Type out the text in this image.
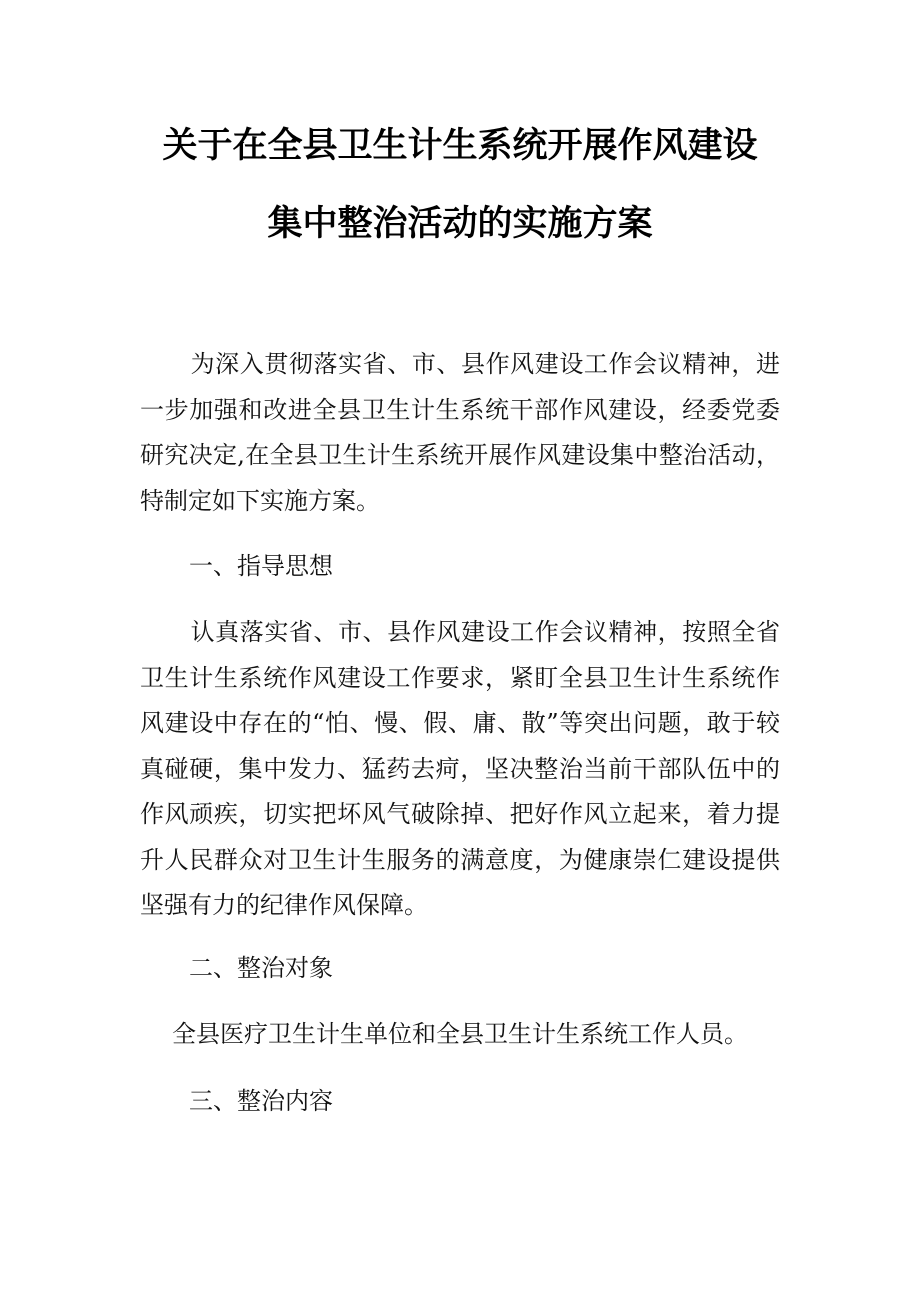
关于在全县卫生计生系统开展作风建设
集中整治活动的实施方案

为深入贯彻落实省、市、县作风建设工作会议精神，进一步加强和改进全县卫生计生系统干部作风建设，经委党委研究决定,在全县卫生计生系统开展作风建设集中整治活动，特制定如下实施方案。

一、指导思想

认真落实省、市、县作风建设工作会议精神，按照全省卫生计生系统作风建设工作要求，紧盯全县卫生计生系统作风建设中存在的“怕、慢、假、庸、散”等突出问题，敢于较真碰硬，集中发力、猛药去疴，坚决整治当前干部队伍中的作风顽疾，切实把坏风气破除掉、把好作风立起来，着力提升人民群众对卫生计生服务的满意度，为健康崇仁建设提供坚强有力的纪律作风保障。

二、整治对象

全县医疗卫生计生单位和全县卫生计生系统工作人员。

三、整治内容
